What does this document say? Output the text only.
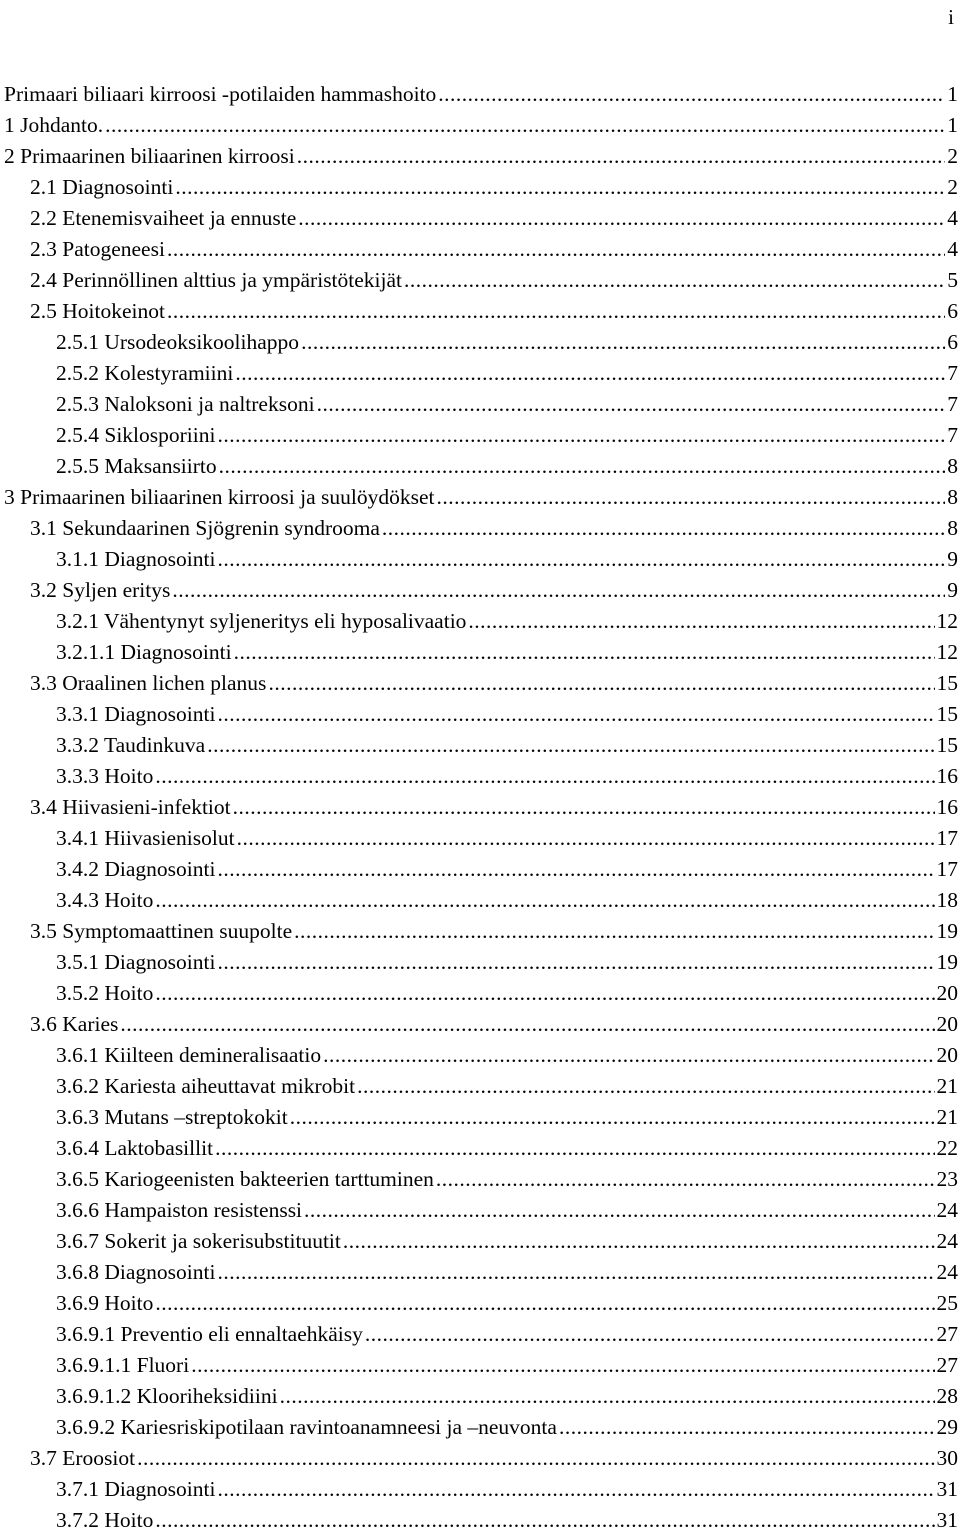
i
Primaari biliaari kirroosi -potilaiden hammashoito .....	1
1 Johdanto. .....	1
2 Primaarinen biliaarinen kirroosi .....	2
2.1 Diagnosointi .....	2
2.2 Etenemisvaiheet ja ennuste .....	4
2.3 Patogeneesi .....	4
2.4 Perinnöllinen alttius ja ympäristötekijät .....	5
2.5 Hoitokeinot .....	6
2.5.1 Ursodeoksikoolihappo .....	6
2.5.2 Kolestyramiini .....	7
2.5.3 Naloksoni ja naltreksoni .....	7
2.5.4 Siklosporiini .....	7
2.5.5 Maksansiirto .....	8
3 Primaarinen biliaarinen kirroosi ja suulöydökset .....	8
3.1 Sekundaarinen Sjögrenin syndrooma .....	8
3.1.1 Diagnosointi .....	9
3.2 Syljen eritys .....	9
3.2.1 Vähentynyt syljeneritys eli hyposalivaatio .....	12
3.2.1.1 Diagnosointi .....	12
3.3 Oraalinen lichen planus .....	15
3.3.1 Diagnosointi .....	15
3.3.2 Taudinkuva .....	15
3.3.3 Hoito .....	16
3.4 Hiivasieni-infektiot .....	16
3.4.1 Hiivasienisolut .....	17
3.4.2 Diagnosointi .....	17
3.4.3 Hoito .....	18
3.5 Symptomaattinen suupolte .....	19
3.5.1 Diagnosointi .....	19
3.5.2 Hoito .....	20
3.6 Karies .....	20
3.6.1 Kiilteen demineralisaatio .....	20
3.6.2 Kariesta aiheuttavat mikrobit .....	21
3.6.3 Mutans –streptokokit .....	21
3.6.4 Laktobasillit .....	22
3.6.5 Kariogeenisten bakteerien tarttuminen .....	23
3.6.6 Hampaiston resistenssi .....	24
3.6.7 Sokerit ja sokerisubstituutit .....	24
3.6.8 Diagnosointi .....	24
3.6.9 Hoito .....	25
3.6.9.1 Preventio eli ennaltaehkäisy .....	27
3.6.9.1.1 Fluori .....	27
3.6.9.1.2 Klooriheksidiini .....	28
3.6.9.2 Kariesriskipotilaan ravintoanamneesi ja –neuvonta .....	29
3.7 Eroosiot .....	30
3.7.1 Diagnosointi .....	31
3.7.2 Hoito .....	31
